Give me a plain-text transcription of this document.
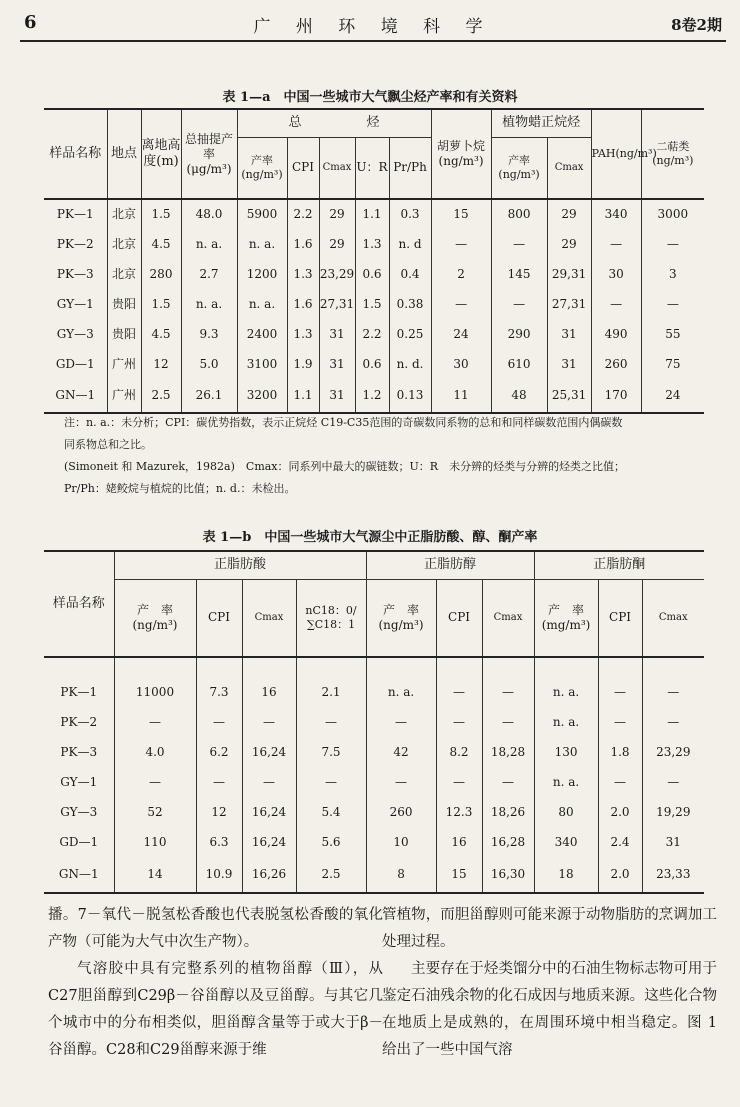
6	广 州 环 境 科 学	8卷2期
表 1—a　中国一些城市大气飘尘烃产率和有关资料
样品名称	地点	离地高度(m)	总抽提产 率(μg/m³)	总　　　　　烃					胡萝卜烷(ng/m³)	植物蜡正烷烃		PAH(ng/m³)	二萜类(ng/m³)
				产率(ng/m³)	CPI	Cmax	U：R	Pr/Ph		产率(ng/m³)	Cmax		
PK—1	北京	1.5	48.0	5900	2.2	29	1.1	0.3	15	800	29	340	3000
PK—2	北京	4.5	n. a.	n. a.	1.6	29	1.3	n. d	—	—	29	—	—
PK—3	北京	280	2.7	1200	1.3	23,29	0.6	0.4	2	145	29,31	30	3
GY—1	贵阳	1.5	n. a.	n. a.	1.6	27,31	1.5	0.38	—	—	27,31	—	—
GY—3	贵阳	4.5	9.3	2400	1.3	31	2.2	0.25	24	290	31	490	55
GD—1	广州	12	5.0	3100	1.9	31	0.6	n. d.	30	610	31	260	75
GN—1	广州	2.5	26.1	3200	1.1	31	1.2	0.13	11	48	25,31	170	24

注：n. a.：未分析；CPI：碳优势指数，表示正烷烃 C19-C35范围的奇碳数同系物的总和和同样碳数范围内偶碳数

同系物总和之比。

(Simoneit 和 Mazurek，1982a)　Cmax：同系列中最大的碳链数；U：R　未分辨的烃类与分辨的烃类之比值；

Pr/Ph：姥鲛烷与植烷的比值；n. d.：未检出。

表 1—b　中国一些城市大气源尘中正脂肪酸、醇、酮产率
样品名称	正脂肪酸				正脂肪醇			正脂肪酮		
	产　率(ng/m³)	CPI	Cmax	nC18：0/∑C18：1	产　率(ng/m³)	CPI	Cmax	产　率(mg/m³)	CPI	Cmax
PK—1	11000	7.3	16	2.1	n. a.	—	—	n. a.	—	—
PK—2	—	—	—	—	—	—	—	n. a.	—	—
PK—3	4.0	6.2	16,24	7.5	42	8.2	18,28	130	1.8	23,29
GY—1	—	—	—	—	—	—	—	n. a.	—	—
GY—3	52	12	16,24	5.4	260	12.3	18,26	80	2.0	19,29
GD—1	110	6.3	16,24	5.6	10	16	16,28	340	2.4	31
GN—1	14	10.9	16,26	2.5	8	15	16,30	18	2.0	23,33

播。7－氧代－脱氢松香酸也代表脱氢松香酸的氧化产物（可能为大气中次生产物）。

气溶胶中具有完整系列的植物甾醇（Ⅲ），从C27胆甾醇到C29β－谷甾醇以及豆甾醇。与其它几个城市中的分布相类似，胆甾醇含量等于或大于β－谷甾醇。C28和C29甾醇来源于维

管植物，而胆甾醇则可能来源于动物脂肪的烹调加工处理过程。

主要存在于烃类馏分中的石油生物标志物可用于鉴定石油残余物的化石成因与地质来源。这些化合物在地质上是成熟的，在周围环境中相当稳定。图 1 给出了一些中国气溶
